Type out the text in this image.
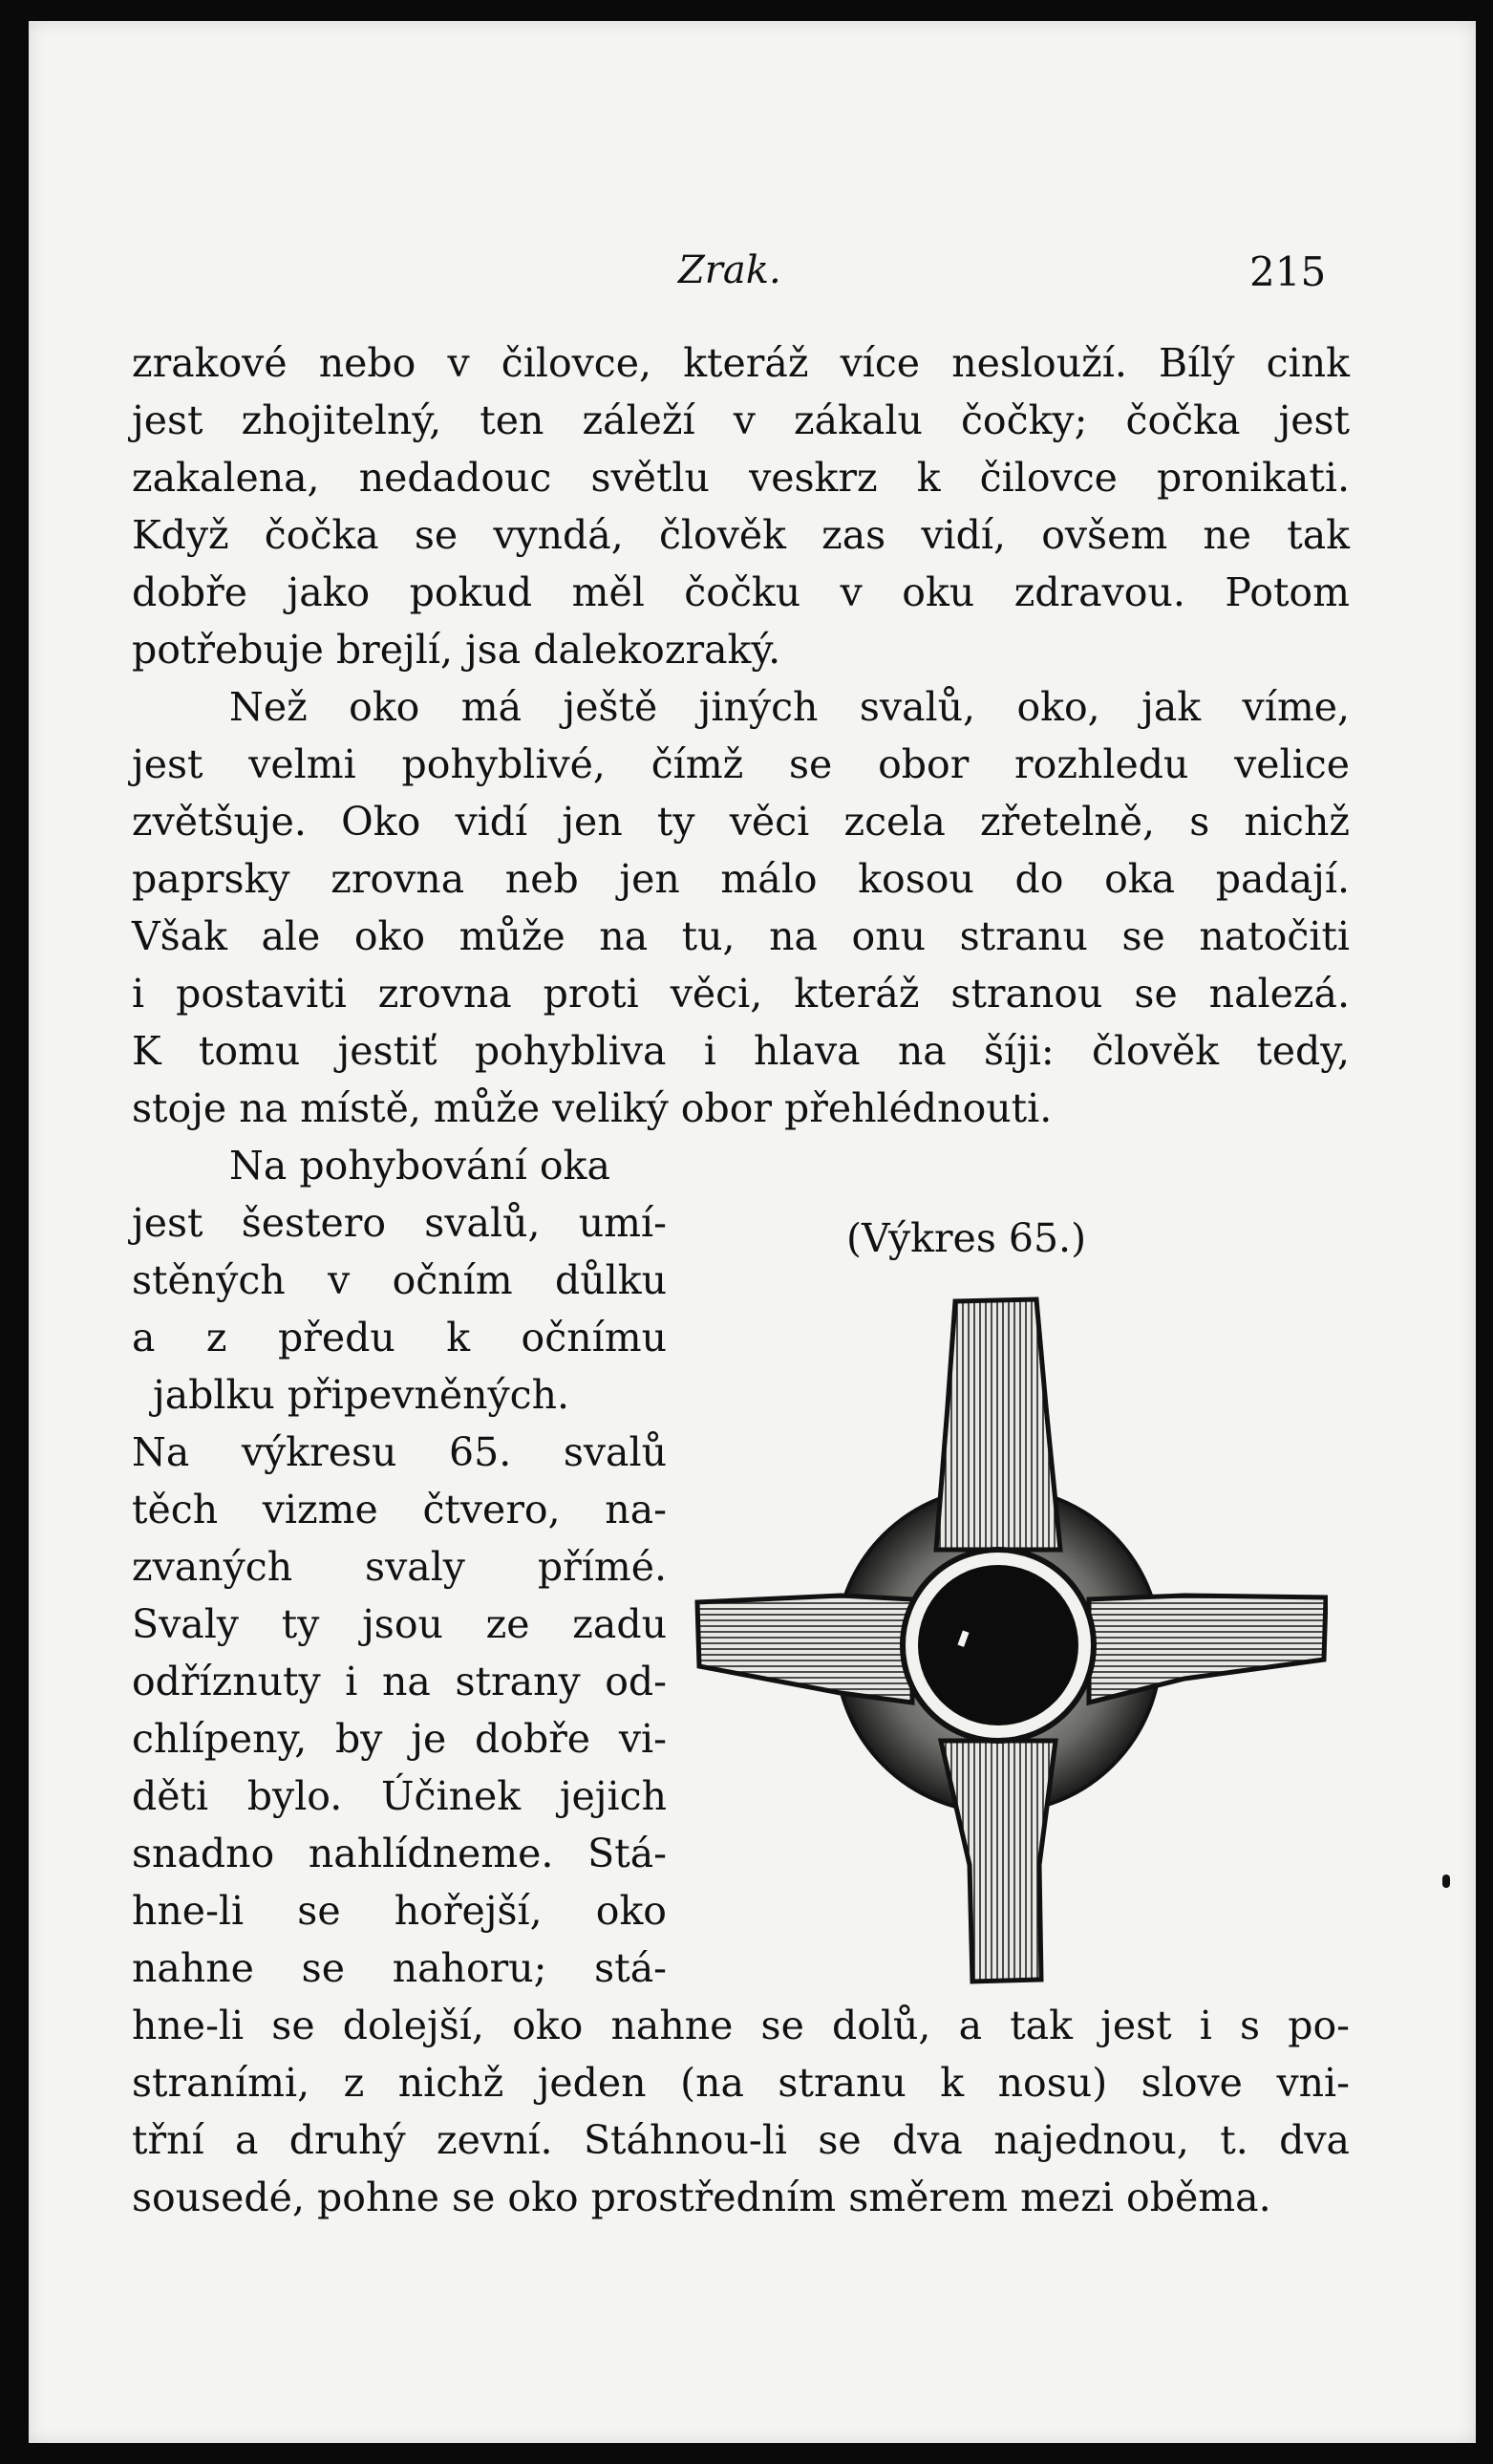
Zrak.	215
zrakové nebo v čilovce, kteráž více neslouží. Bílý cink
jest zhojitelný, ten záleží v zákalu čočky; čočka jest
zakalena, nedadouc světlu veskrz k čilovce pronikati.
Když čočka se vyndá, člověk zas vidí, ovšem ne tak
dobře jako pokud měl čočku v oku zdravou. Potom
potřebuje brejlí, jsa dalekozraký.
Než oko má ještě jiných svalů, oko, jak víme,
jest velmi pohyblivé, čímž se obor rozhledu velice
zvětšuje. Oko vidí jen ty věci zcela zřetelně, s nichž
paprsky zrovna neb jen málo kosou do oka padají.
Však ale oko může na tu, na onu stranu se natočiti
i postaviti zrovna proti věci, kteráž stranou se nalezá.
K tomu jestiť pohybliva i hlava na šíji: člověk tedy,
stoje na místě, může veliký obor přehlédnouti.
Na pohybování oka
jest šestero svalů, umí-
stěných v očním důlku
a z předu k očnímu
jablku připevněných.
Na výkresu 65. svalů
těch vizme čtvero, na-
zvaných svaly přímé.
Svaly ty jsou ze zadu
odříznuty i na strany od-
chlípeny, by je dobře vi-
děti bylo. Účinek jejich
snadno nahlídneme. Stá-
hne-li se hořejší, oko
nahne se nahoru; stá-
hne-li se dolejší, oko nahne se dolů, a tak jest i s po-
straními, z nichž jeden (na stranu k nosu) slove vni-
třní a druhý zevní. Stáhnou-li se dva najednou, t. dva
sousedé, pohne se oko prostředním směrem mezi oběma.
(Výkres 65.)
